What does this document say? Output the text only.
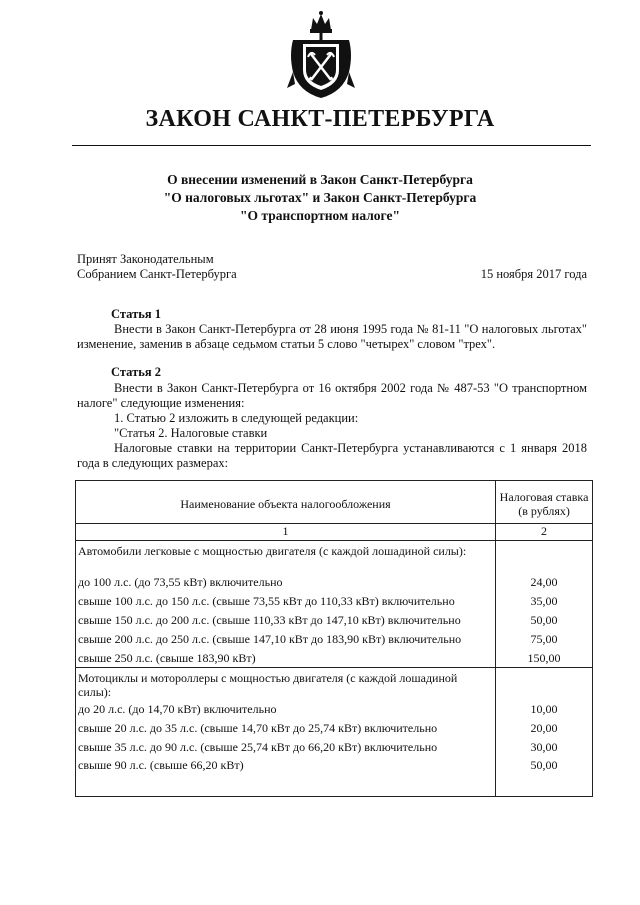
ЗАКОН САНКТ-ПЕТЕРБУРГА
О внесении изменений в Закон Санкт-Петербурга
"О налоговых льготах" и Закон Санкт-Петербурга
"О транспортном налоге"
Принят Законодательным
Собранием Санкт-Петербурга	15 ноября 2017 года
Статья 1
Внести в Закон Санкт-Петербурга от 28 июня 1995 года № 81-11 "О налоговых льготах" изменение, заменив в абзаце седьмом статьи 5 слово "четырех" словом "трех".
Статья 2
Внести в Закон Санкт-Петербурга от 16 октября 2002 года № 487-53 "О транспортном налоге" следующие изменения:
1. Статью 2 изложить в следующей редакции:
"Статья 2. Налоговые ставки
Налоговые ставки на территории Санкт-Петербурга устанавливаются с 1 января 2018 года в следующих размерах:
Наименование объекта налогообложения	Налоговая ставка (в рублях)
1	2
Автомобили легковые с мощностью двигателя (с каждой лошадиной силы):	
до 100 л.с. (до 73,55 кВт) включительно	24,00
свыше 100 л.с. до 150 л.с. (свыше 73,55 кВт до 110,33 кВт) включительно	35,00
свыше 150 л.с. до 200 л.с. (свыше 110,33 кВт до 147,10 кВт) включительно	50,00
свыше 200 л.с. до 250 л.с. (свыше 147,10 кВт до 183,90 кВт) включительно	75,00
свыше 250 л.с. (свыше 183,90 кВт)	150,00
Мотоциклы и мотороллеры с мощностью двигателя (с каждой лошадиной силы):	
до 20 л.с. (до 14,70 кВт) включительно	10,00
свыше 20 л.с. до 35 л.с. (свыше 14,70 кВт до 25,74 кВт) включительно	20,00
свыше 35 л.с. до 90 л.с. (свыше 25,74 кВт до 66,20 кВт) включительно	30,00
свыше 90 л.с. (свыше 66,20 кВт)	50,00
